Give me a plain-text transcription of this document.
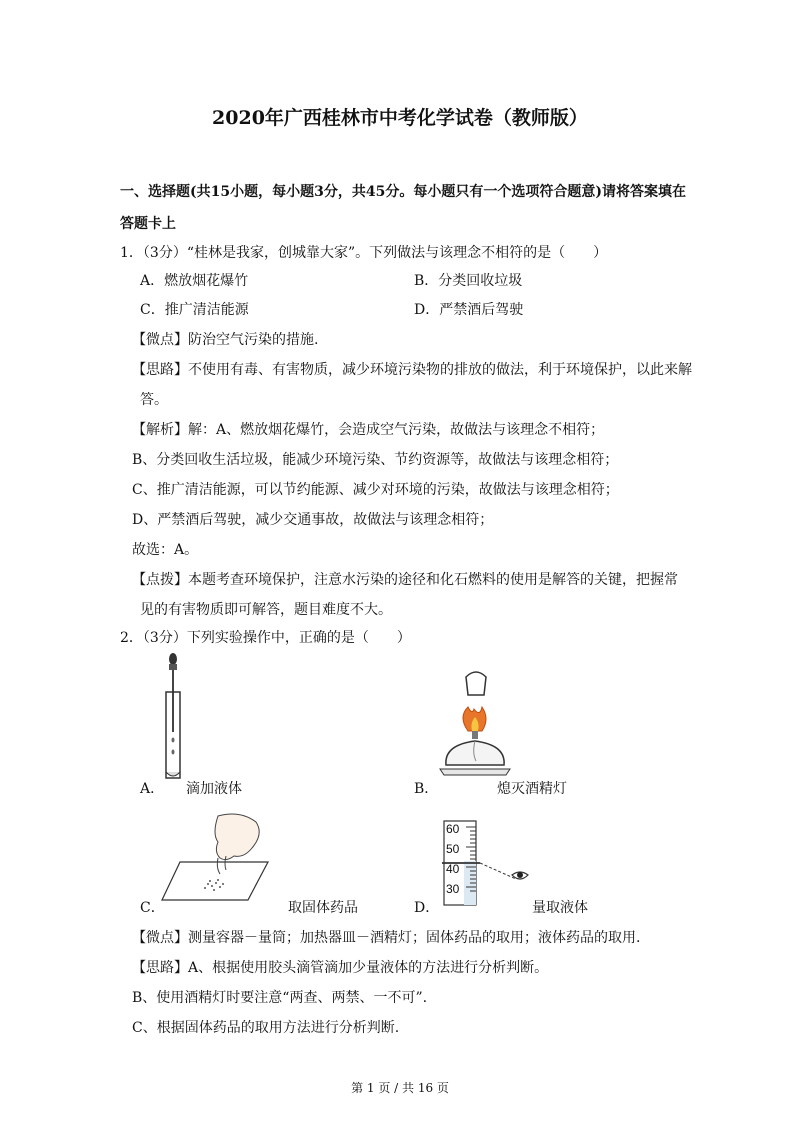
2020年广西桂林市中考化学试卷（教师版）
一、选择题(共15小题，每小题3分，共45分。每小题只有一个选项符合题意)请将答案填在
答题卡上
1．（3分）“桂林是我家，创城靠大家”。下列做法与该理念不相符的是（　　）
A．燃放烟花爆竹	B．分类回收垃圾
C．推广清洁能源	D．严禁酒后驾驶
【微点】防治空气污染的措施.
【思路】不使用有毒、有害物质，减少环境污染物的排放的做法，利于环境保护，以此来解
答。
【解析】解：A、燃放烟花爆竹，会造成空气污染，故做法与该理念不相符；
B、分类回收生活垃圾，能减少环境污染、节约资源等，故做法与该理念相符；
C、推广清洁能源，可以节约能源、减少对环境的污染，故做法与该理念相符；
D、严禁酒后驾驶，减少交通事故，故做法与该理念相符；
故选：A。
【点拨】本题考查环境保护，注意水污染的途径和化石燃料的使用是解答的关键，把握常
见的有害物质即可解答，题目难度不大。
2．（3分）下列实验操作中，正确的是（　　）
A． 滴加液体	B．	熄灭酒精灯
C．	取固体药品
60
50
40
30
D．	量取液体
【微点】测量容器－量筒；加热器皿－酒精灯；固体药品的取用；液体药品的取用.
【思路】A、根据使用胶头滴管滴加少量液体的方法进行分析判断。
B、使用酒精灯时要注意“两查、两禁、一不可”.
C、根据固体药品的取用方法进行分析判断.
第 1 页 / 共 16 页
